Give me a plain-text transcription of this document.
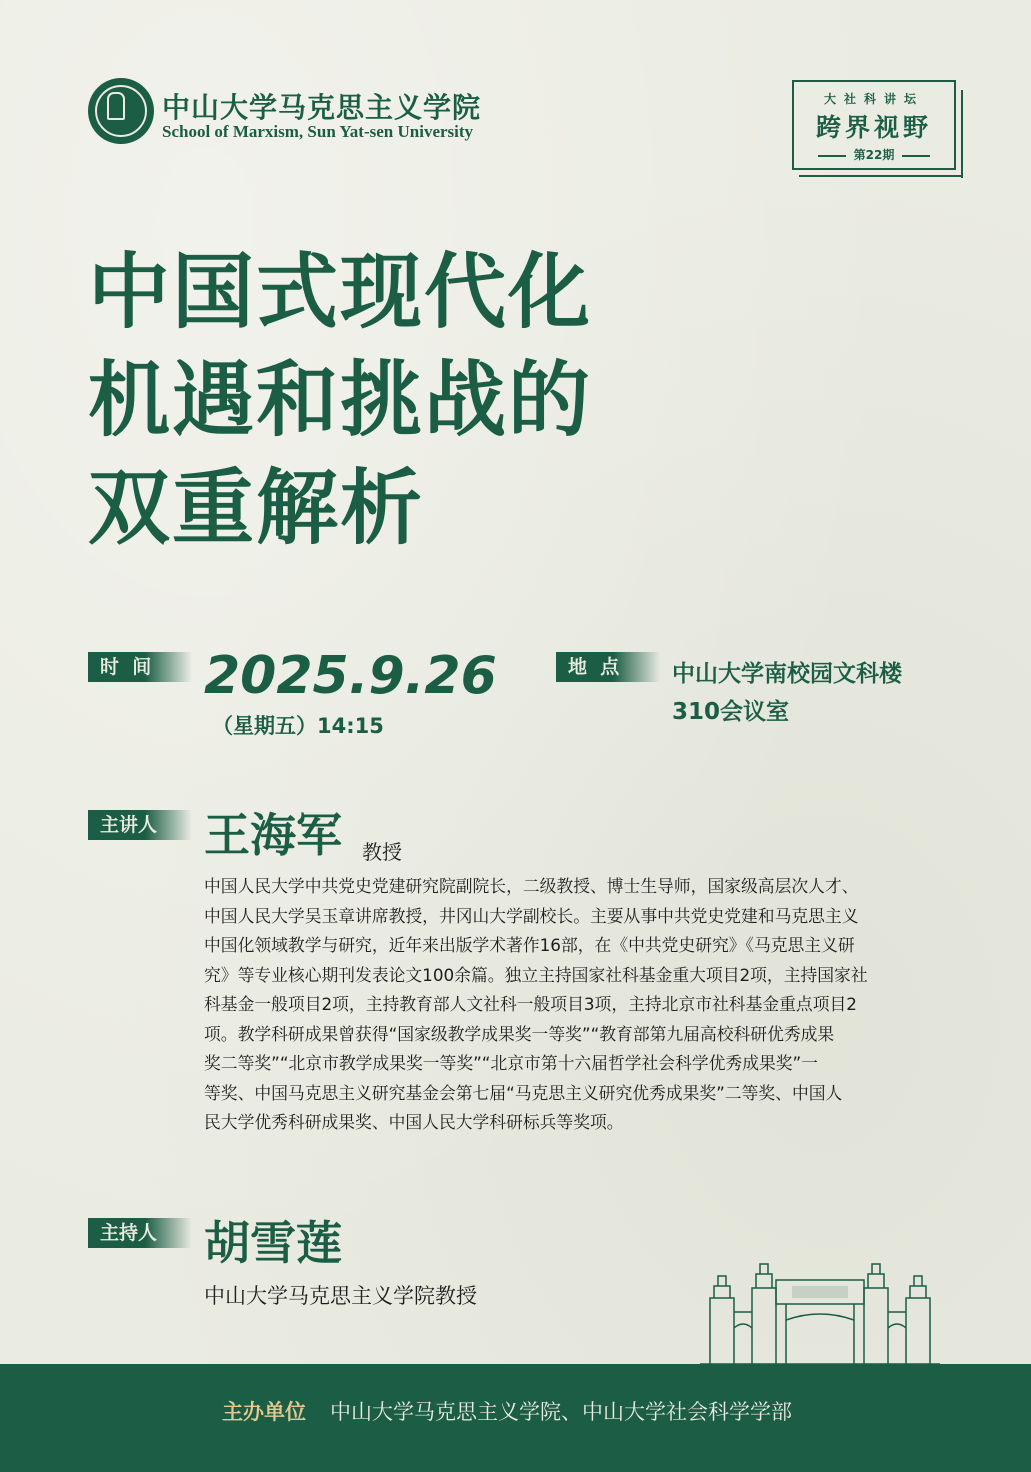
中山大学马克思主义学院
School of Marxism, Sun Yat-sen University
大社科讲坛
跨界视野
第22期
中国式现代化
机遇和挑战的
双重解析
时  间	2025.9.26
（星期五）14:15
地  点	中山大学南校园文科楼
310会议室
主讲人	王海军 教授
中国人民大学中共党史党建研究院副院长，二级教授、博士生导师，国家级高层次人才、
中国人民大学吴玉章讲席教授，井冈山大学副校长。主要从事中共党史党建和马克思主义
中国化领域教学与研究，近年来出版学术著作16部，在《中共党史研究》《马克思主义研
究》等专业核心期刊发表论文100余篇。独立主持国家社科基金重大项目2项，主持国家社
科基金一般项目2项，主持教育部人文社科一般项目3项，主持北京市社科基金重点项目2
项。教学科研成果曾获得“国家级教学成果奖一等奖”“教育部第九届高校科研优秀成果
奖二等奖”“北京市教学成果奖一等奖”“北京市第十六届哲学社会科学优秀成果奖”一
等奖、中国马克思主义研究基金会第七届“马克思主义研究优秀成果奖”二等奖、中国人
民大学优秀科研成果奖、中国人民大学科研标兵等奖项。
主持人	胡雪莲
中山大学马克思主义学院教授
主办单位 中山大学马克思主义学院、中山大学社会科学学部
